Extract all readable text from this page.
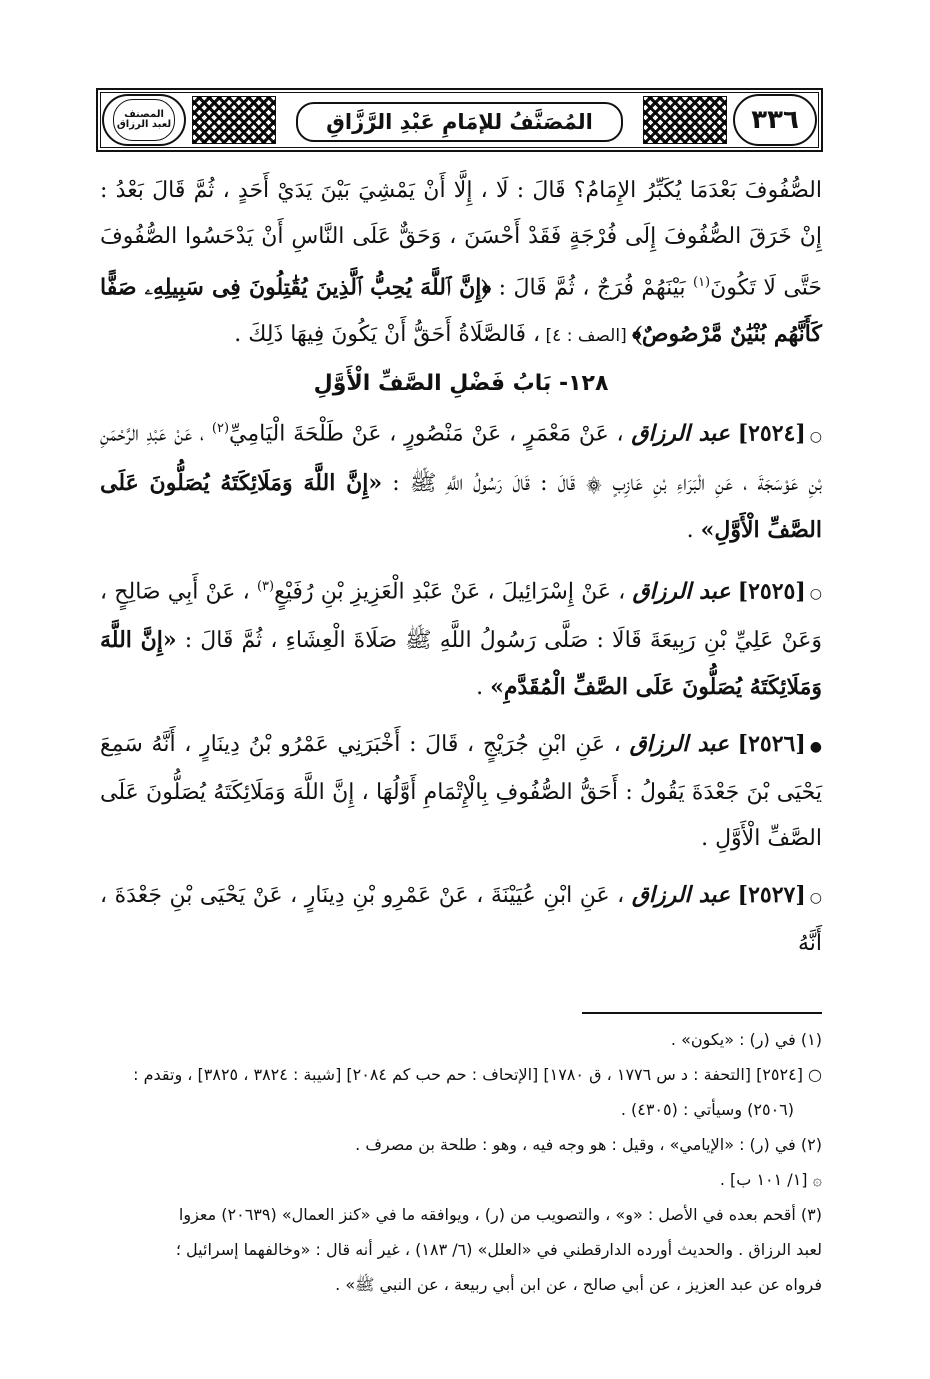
٣٣٦
المُصَنَّفُ للإمَامِ عَبْدِ الرَّزَّاقِ
المصنف
لعبد الرزاق

الصُّفُوفَ بَعْدَمَا يُكَبِّرُ الإِمَامُ؟ قَالَ : لَا ، إِلَّا أَنْ يَمْشِيَ بَيْنَ يَدَيْ أَحَدٍ ، ثُمَّ قَالَ بَعْدُ : إِنْ خَرَقَ الصُّفُوفَ إِلَى فُرْجَةٍ فَقَدْ أَحْسَنَ ، وَحَقٌّ عَلَى النَّاسِ أَنْ يَدْحَسُوا الصُّفُوفَ حَتَّى لَا تَكُونَ$^{(١)}$ بَيْنَهُمْ فُرَجٌ ، ثُمَّ قَالَ : ﴿إِنَّ ٱللَّهَ يُحِبُّ ٱلَّذِينَ يُقَٰتِلُونَ فِى سَبِيلِهِۦ صَفًّا كَأَنَّهُم بُنْيَٰنٌ مَّرْصُوصٌ﴾ [الصف : ٤] ، فَالصَّلَاةُ أَحَقُّ أَنْ يَكُونَ فِيهَا ذَلِكَ .

١٢٨- بَابُ فَضْلِ الصَّفِّ الْأَوَّلِ

○[٢٥٢٤] عبد الرزاق ، عَنْ مَعْمَرٍ ، عَنْ مَنْصُورٍ ، عَنْ طَلْحَةَ الْيَامِيِّ$^{(٢)}$ ، عَنْ عَبْدِ الرَّحْمَنِ بْنِ عَوْسَجَةَ ، عَنِ الْبَرَاءِ بْنِ عَازِبٍ ۞ قَالَ : قَالَ رَسُولُ اللَّهِ ﷺ : «إِنَّ اللَّهَ وَمَلَائِكَتَهُ يُصَلُّونَ عَلَى الصَّفِّ الْأَوَّلِ» .

○[٢٥٢٥] عبد الرزاق ، عَنْ إِسْرَائِيلَ ، عَنْ عَبْدِ الْعَزِيزِ بْنِ رُفَيْعٍ$^{(٣)}$ ، عَنْ أَبِي صَالِحٍ ، وَعَنْ عَلِيِّ بْنِ رَبِيعَةَ قَالَا : صَلَّى رَسُولُ اللَّهِ ﷺ صَلَاةَ الْعِشَاءِ ، ثُمَّ قَالَ : «إِنَّ اللَّهَ وَمَلَائِكَتَهُ يُصَلُّونَ عَلَى الصَّفِّ الْمُقَدَّمِ» .

●[٢٥٢٦] عبد الرزاق ، عَنِ ابْنِ جُرَيْجٍ ، قَالَ : أَخْبَرَنِي عَمْرُو بْنُ دِينَارٍ ، أَنَّهُ سَمِعَ يَحْيَى بْنَ جَعْدَةَ يَقُولُ : أَحَقُّ الصُّفُوفِ بِالْإِتْمَامِ أَوَّلُهَا ، إِنَّ اللَّهَ وَمَلَائِكَتَهُ يُصَلُّونَ عَلَى الصَّفِّ الْأَوَّلِ .

○[٢٥٢٧] عبد الرزاق ، عَنِ ابْنِ عُيَيْنَةَ ، عَنْ عَمْرِو بْنِ دِينَارٍ ، عَنْ يَحْيَى بْنِ جَعْدَةَ ، أَنَّهُ

(١) في (ر) : «يكون» .

○ [٢٥٢٤] [التحفة : د س ١٧٧٦ ، ق ١٧٨٠] [الإتحاف : حم حب كم ٢٠٨٤] [شيبة : ٣٨٢٤ ، ٣٨٢٥] ، وتقدم :

(٢٥٠٦) وسيأتي : (٤٣٠٥) .

(٢) في (ر) : «الإيامي» ، وقيل : هو وجه فيه ، وهو : طلحة بن مصرف .

۞ [١/ ١٠١ ب] .

(٣) أقحم بعده في الأصل : «و» ، والتصويب من (ر) ، ويوافقه ما في «كنز العمال» (٢٠٦٣٩) معزوا

لعبد الرزاق . والحديث أورده الدارقطني في «العلل» (٦/ ١٨٣) ، غير أنه قال : «وخالفهما إسرائيل ؛

فرواه عن عبد العزيز ، عن أبي صالح ، عن ابن أبي ربيعة ، عن النبي ﷺ» .
